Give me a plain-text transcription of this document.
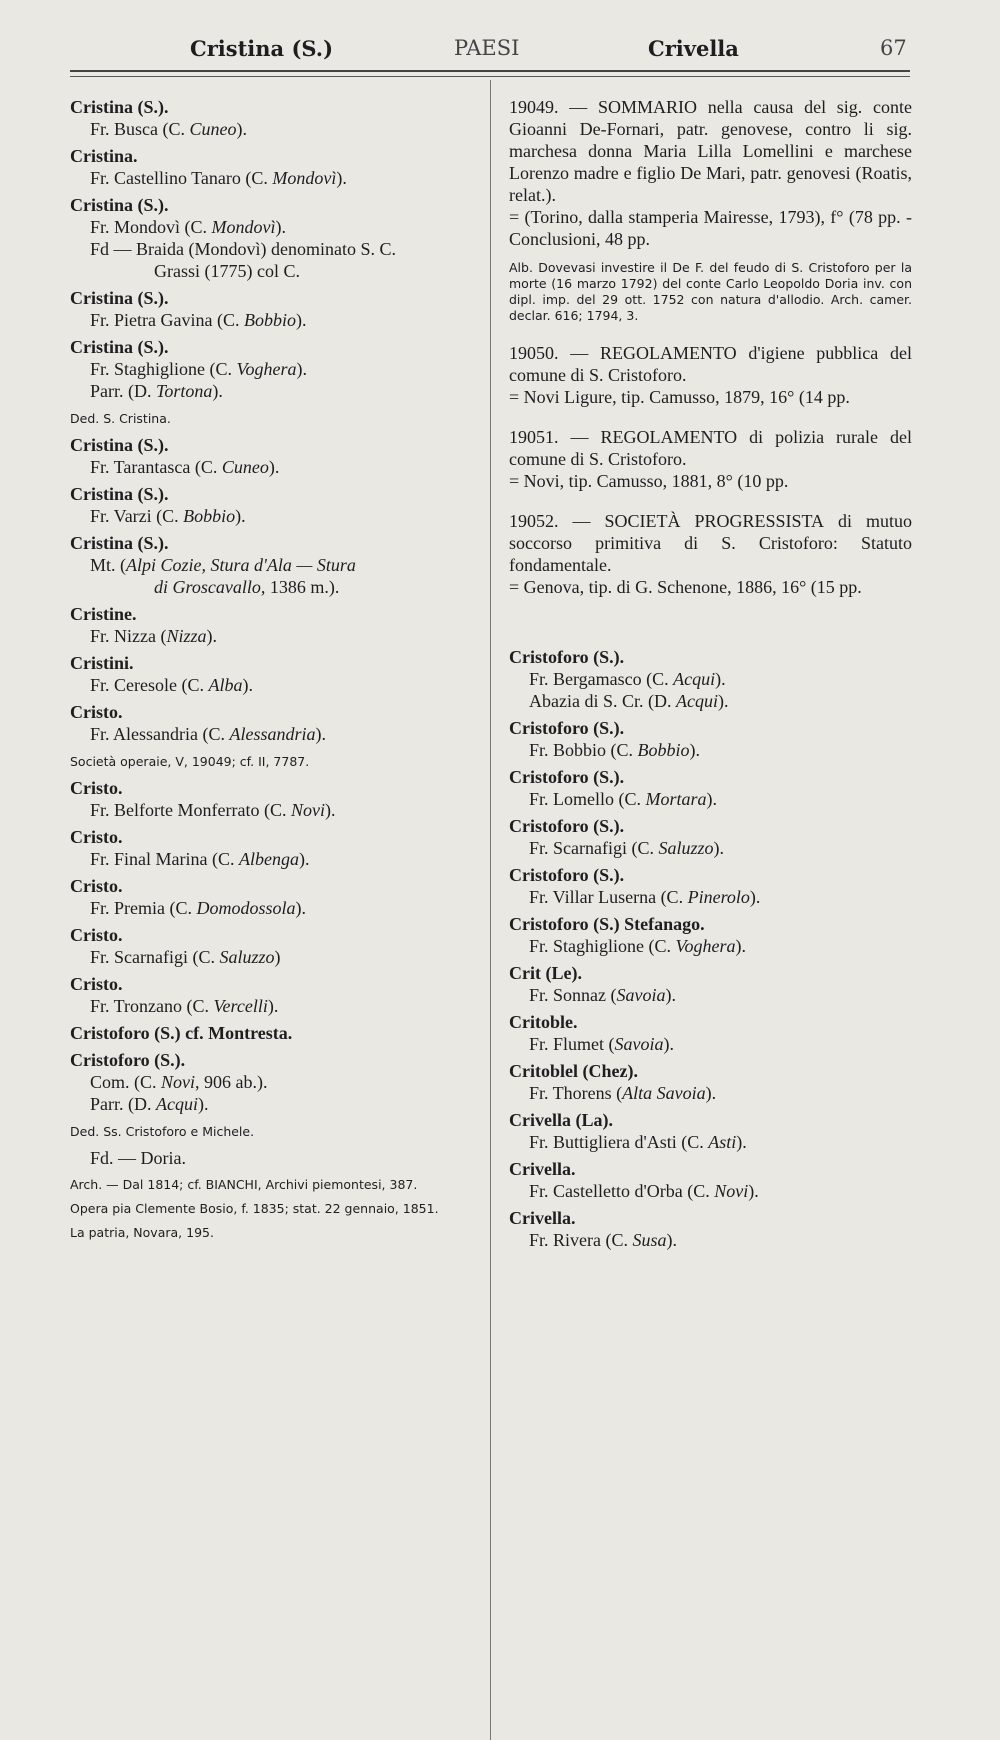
Cristina (S.)	PAESI	Crivella	67
Cristina (S.).
Fr. Busca (C. Cuneo).
Cristina.
Fr. Castellino Tanaro (C. Mondovì).
Cristina (S.).
Fr. Mondovì (C. Mondovì).
Fd — Braida (Mondovì) denominato S. C.
Grassi (1775) col C.
Cristina (S.).
Fr. Pietra Gavina (C. Bobbio).
Cristina (S.).
Fr. Staghiglione (C. Voghera).
Parr. (D. Tortona).
Ded. S. Cristina.
Cristina (S.).
Fr. Tarantasca (C. Cuneo).
Cristina (S.).
Fr. Varzi (C. Bobbio).
Cristina (S.).
Mt. (Alpi Cozie, Stura d'Ala — Stura
di Groscavallo, 1386 m.).
Cristine.
Fr. Nizza (Nizza).
Cristini.
Fr. Ceresole (C. Alba).
Cristo.
Fr. Alessandria (C. Alessandria).
Società operaie, V, 19049; cf. II, 7787.
Cristo.
Fr. Belforte Monferrato (C. Novi).
Cristo.
Fr. Final Marina (C. Albenga).
Cristo.
Fr. Premia (C. Domodossola).
Cristo.
Fr. Scarnafigi (C. Saluzzo)
Cristo.
Fr. Tronzano (C. Vercelli).
Cristoforo (S.) cf. Montresta.
Cristoforo (S.).
Com. (C. Novi, 906 ab.).
Parr. (D. Acqui).
Ded. Ss. Cristoforo e Michele.
Fd. — Doria.
Arch. — Dal 1814; cf. BIANCHI, Archivi piemontesi, 387.
Opera pia Clemente Bosio, f. 1835; stat. 22 gennaio, 1851.
La patria, Novara, 195.
19049. — SOMMARIO nella causa del sig. conte Gioanni De-Fornari, patr. genovese, contro li sig. marchesa donna Maria Lilla Lomellini e marchese Lorenzo madre e figlio De Mari, patr. genovesi (Roatis, relat.).
= (Torino, dalla stamperia Mairesse, 1793), f° (78 pp. - Conclusioni, 48 pp.
Alb. Dovevasi investire il De F. del feudo di S. Cristoforo per la morte (16 marzo 1792) del conte Carlo Leopoldo Doria inv. con dipl. imp. del 29 ott. 1752 con natura d'allodio. Arch. camer. declar. 616; 1794, 3.
19050. — REGOLAMENTO d'igiene pubblica del comune di S. Cristoforo.
= Novi Ligure, tip. Camusso, 1879, 16° (14 pp.
19051. — REGOLAMENTO di polizia rurale del comune di S. Cristoforo.
= Novi, tip. Camusso, 1881, 8° (10 pp.
19052. — SOCIETÀ PROGRESSISTA di mutuo soccorso primitiva di S. Cristoforo: Statuto fondamentale.
= Genova, tip. di G. Schenone, 1886, 16° (15 pp.
Cristoforo (S.).
Fr. Bergamasco (C. Acqui).
Abazia di S. Cr. (D. Acqui).
Cristoforo (S.).
Fr. Bobbio (C. Bobbio).
Cristoforo (S.).
Fr. Lomello (C. Mortara).
Cristoforo (S.).
Fr. Scarnafigi (C. Saluzzo).
Cristoforo (S.).
Fr. Villar Luserna (C. Pinerolo).
Cristoforo (S.) Stefanago.
Fr. Staghiglione (C. Voghera).
Crit (Le).
Fr. Sonnaz (Savoia).
Critoble.
Fr. Flumet (Savoia).
Critoblel (Chez).
Fr. Thorens (Alta Savoia).
Crivella (La).
Fr. Buttigliera d'Asti (C. Asti).
Crivella.
Fr. Castelletto d'Orba (C. Novi).
Crivella.
Fr. Rivera (C. Susa).
